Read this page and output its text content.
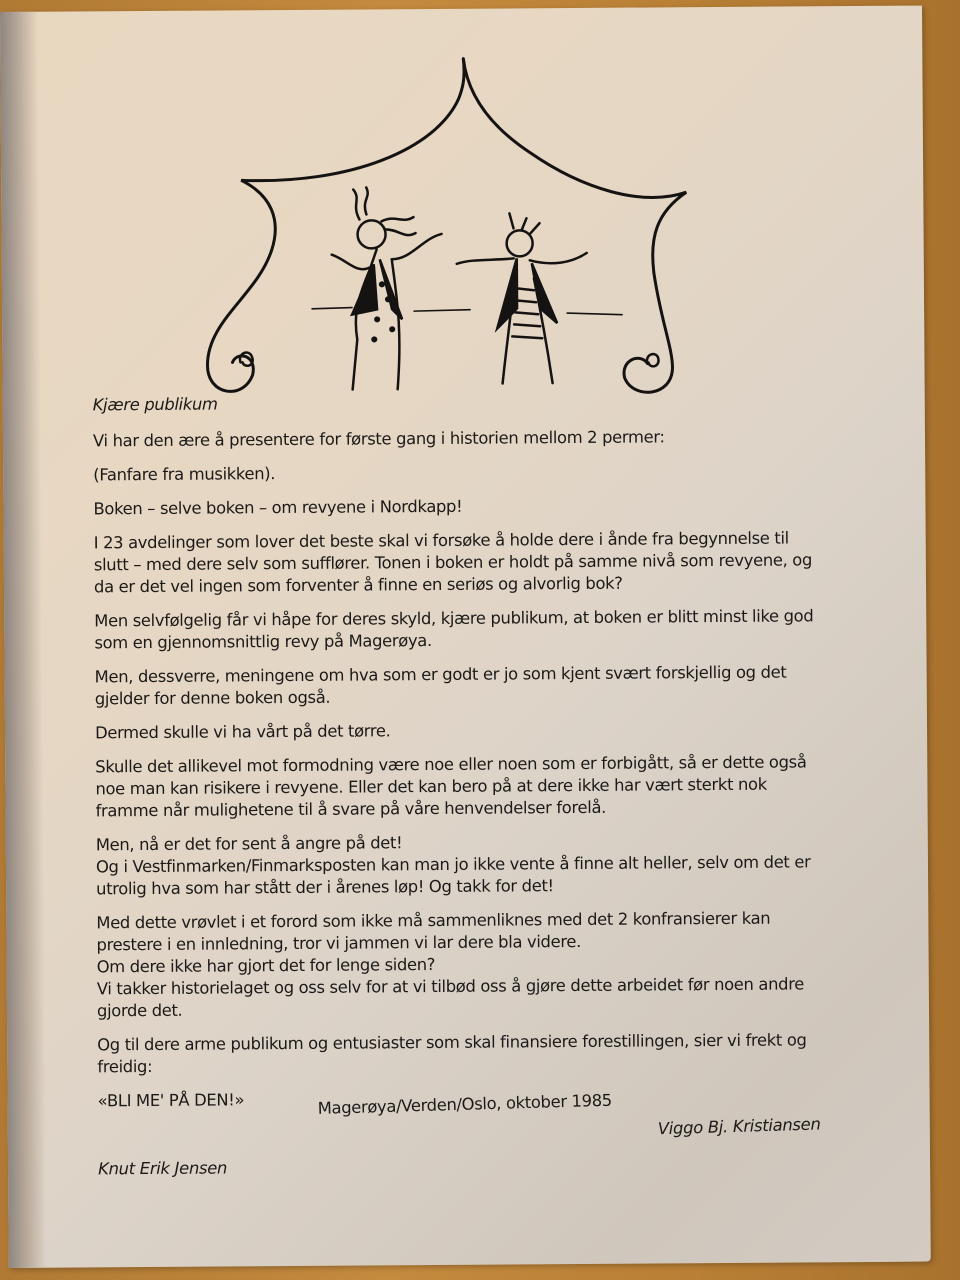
Kjære publikum

Vi har den ære å presentere for første gang i historien mellom 2 permer:

(Fanfare fra musikken).

Boken – selve boken – om revyene i Nordkapp!

I 23 avdelinger som lover det beste skal vi forsøke å holde dere i ånde fra begynnelse til slutt – med dere selv som sufflører. Tonen i boken er holdt på samme nivå som revyene, og da er det vel ingen som forventer å finne en seriøs og alvorlig bok?

Men selvfølgelig får vi håpe for deres skyld, kjære publikum, at boken er blitt minst like god som en gjennomsnittlig revy på Magerøya.

Men, dessverre, meningene om hva som er godt er jo som kjent svært forskjellig og det gjelder for denne boken også.

Dermed skulle vi ha vårt på det tørre.

Skulle det allikevel mot formodning være noe eller noen som er forbigått, så er dette også noe man kan risikere i revyene. Eller det kan bero på at dere ikke har vært sterkt nok framme når mulighetene til å svare på våre henvendelser forelå.

Men, nå er det for sent å angre på det!

Og i Vestfinmarken/Finmarksposten kan man jo ikke vente å finne alt heller, selv om det er utrolig hva som har stått der i årenes løp! Og takk for det!

Med dette vrøvlet i et forord som ikke må sammenliknes med det 2 konfransierer kan prestere i en innledning, tror vi jammen vi lar dere bla videre.

Om dere ikke har gjort det for lenge siden?

Vi takker historielaget og oss selv for at vi tilbød oss å gjøre dette arbeidet før noen andre gjorde det.

Og til dere arme publikum og entusiaster som skal finansiere forestillingen, sier vi frekt og freidig:

«BLI ME' PÅ DEN!»	Magerøya/Verden/Oslo, oktober 1985
Viggo Bj. Kristiansen
Knut Erik Jensen
